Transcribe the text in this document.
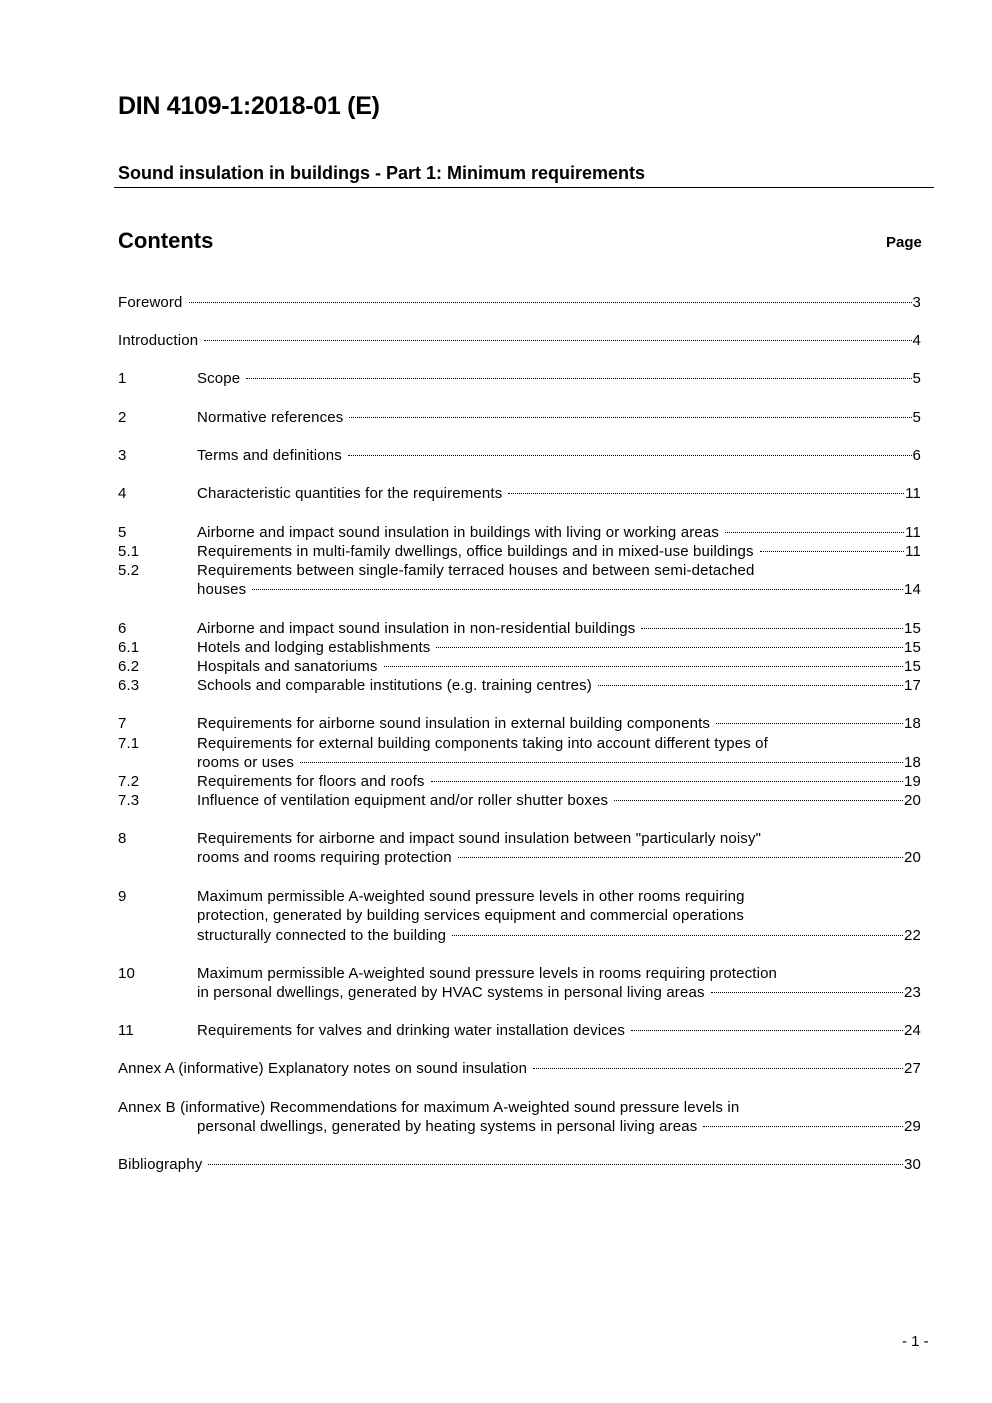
DIN 4109-1:2018-01 (E)
Sound insulation in buildings - Part 1: Minimum requirements
Contents	Page
Foreword	3
Introduction	4
1	Scope	5
2	Normative references	5
3	Terms and definitions	6
4	Characteristic quantities for the requirements	11
5	Airborne and impact sound insulation in buildings with living or working areas	11
5.1	Requirements in multi-family dwellings, office buildings and in mixed-use buildings	11
5.2	Requirements between single-family terraced houses and between semi-detached
houses	14
6	Airborne and impact sound insulation in non-residential buildings	15
6.1	Hotels and lodging establishments	15
6.2	Hospitals and sanatoriums	15
6.3	Schools and comparable institutions (e.g. training centres)	17
7	Requirements for airborne sound insulation in external building components	18
7.1	Requirements for external building components taking into account different types of
rooms or uses	18
7.2	Requirements for floors and roofs	19
7.3	Influence of ventilation equipment and/or roller shutter boxes	20
8	Requirements for airborne and impact sound insulation between "particularly noisy"
rooms and rooms requiring protection	20
9	Maximum permissible A-weighted sound pressure levels in other rooms requiring
protection, generated by building services equipment and commercial operations
structurally connected to the building	22
10	Maximum permissible A-weighted sound pressure levels in rooms requiring protection
in personal dwellings, generated by HVAC systems in personal living areas	23
11	Requirements for valves and drinking water installation devices	24
Annex A (informative) Explanatory notes on sound insulation	27
Annex B (informative) Recommendations for maximum A-weighted sound pressure levels in
personal dwellings, generated by heating systems in personal living areas	29
Bibliography	30
- 1 -
